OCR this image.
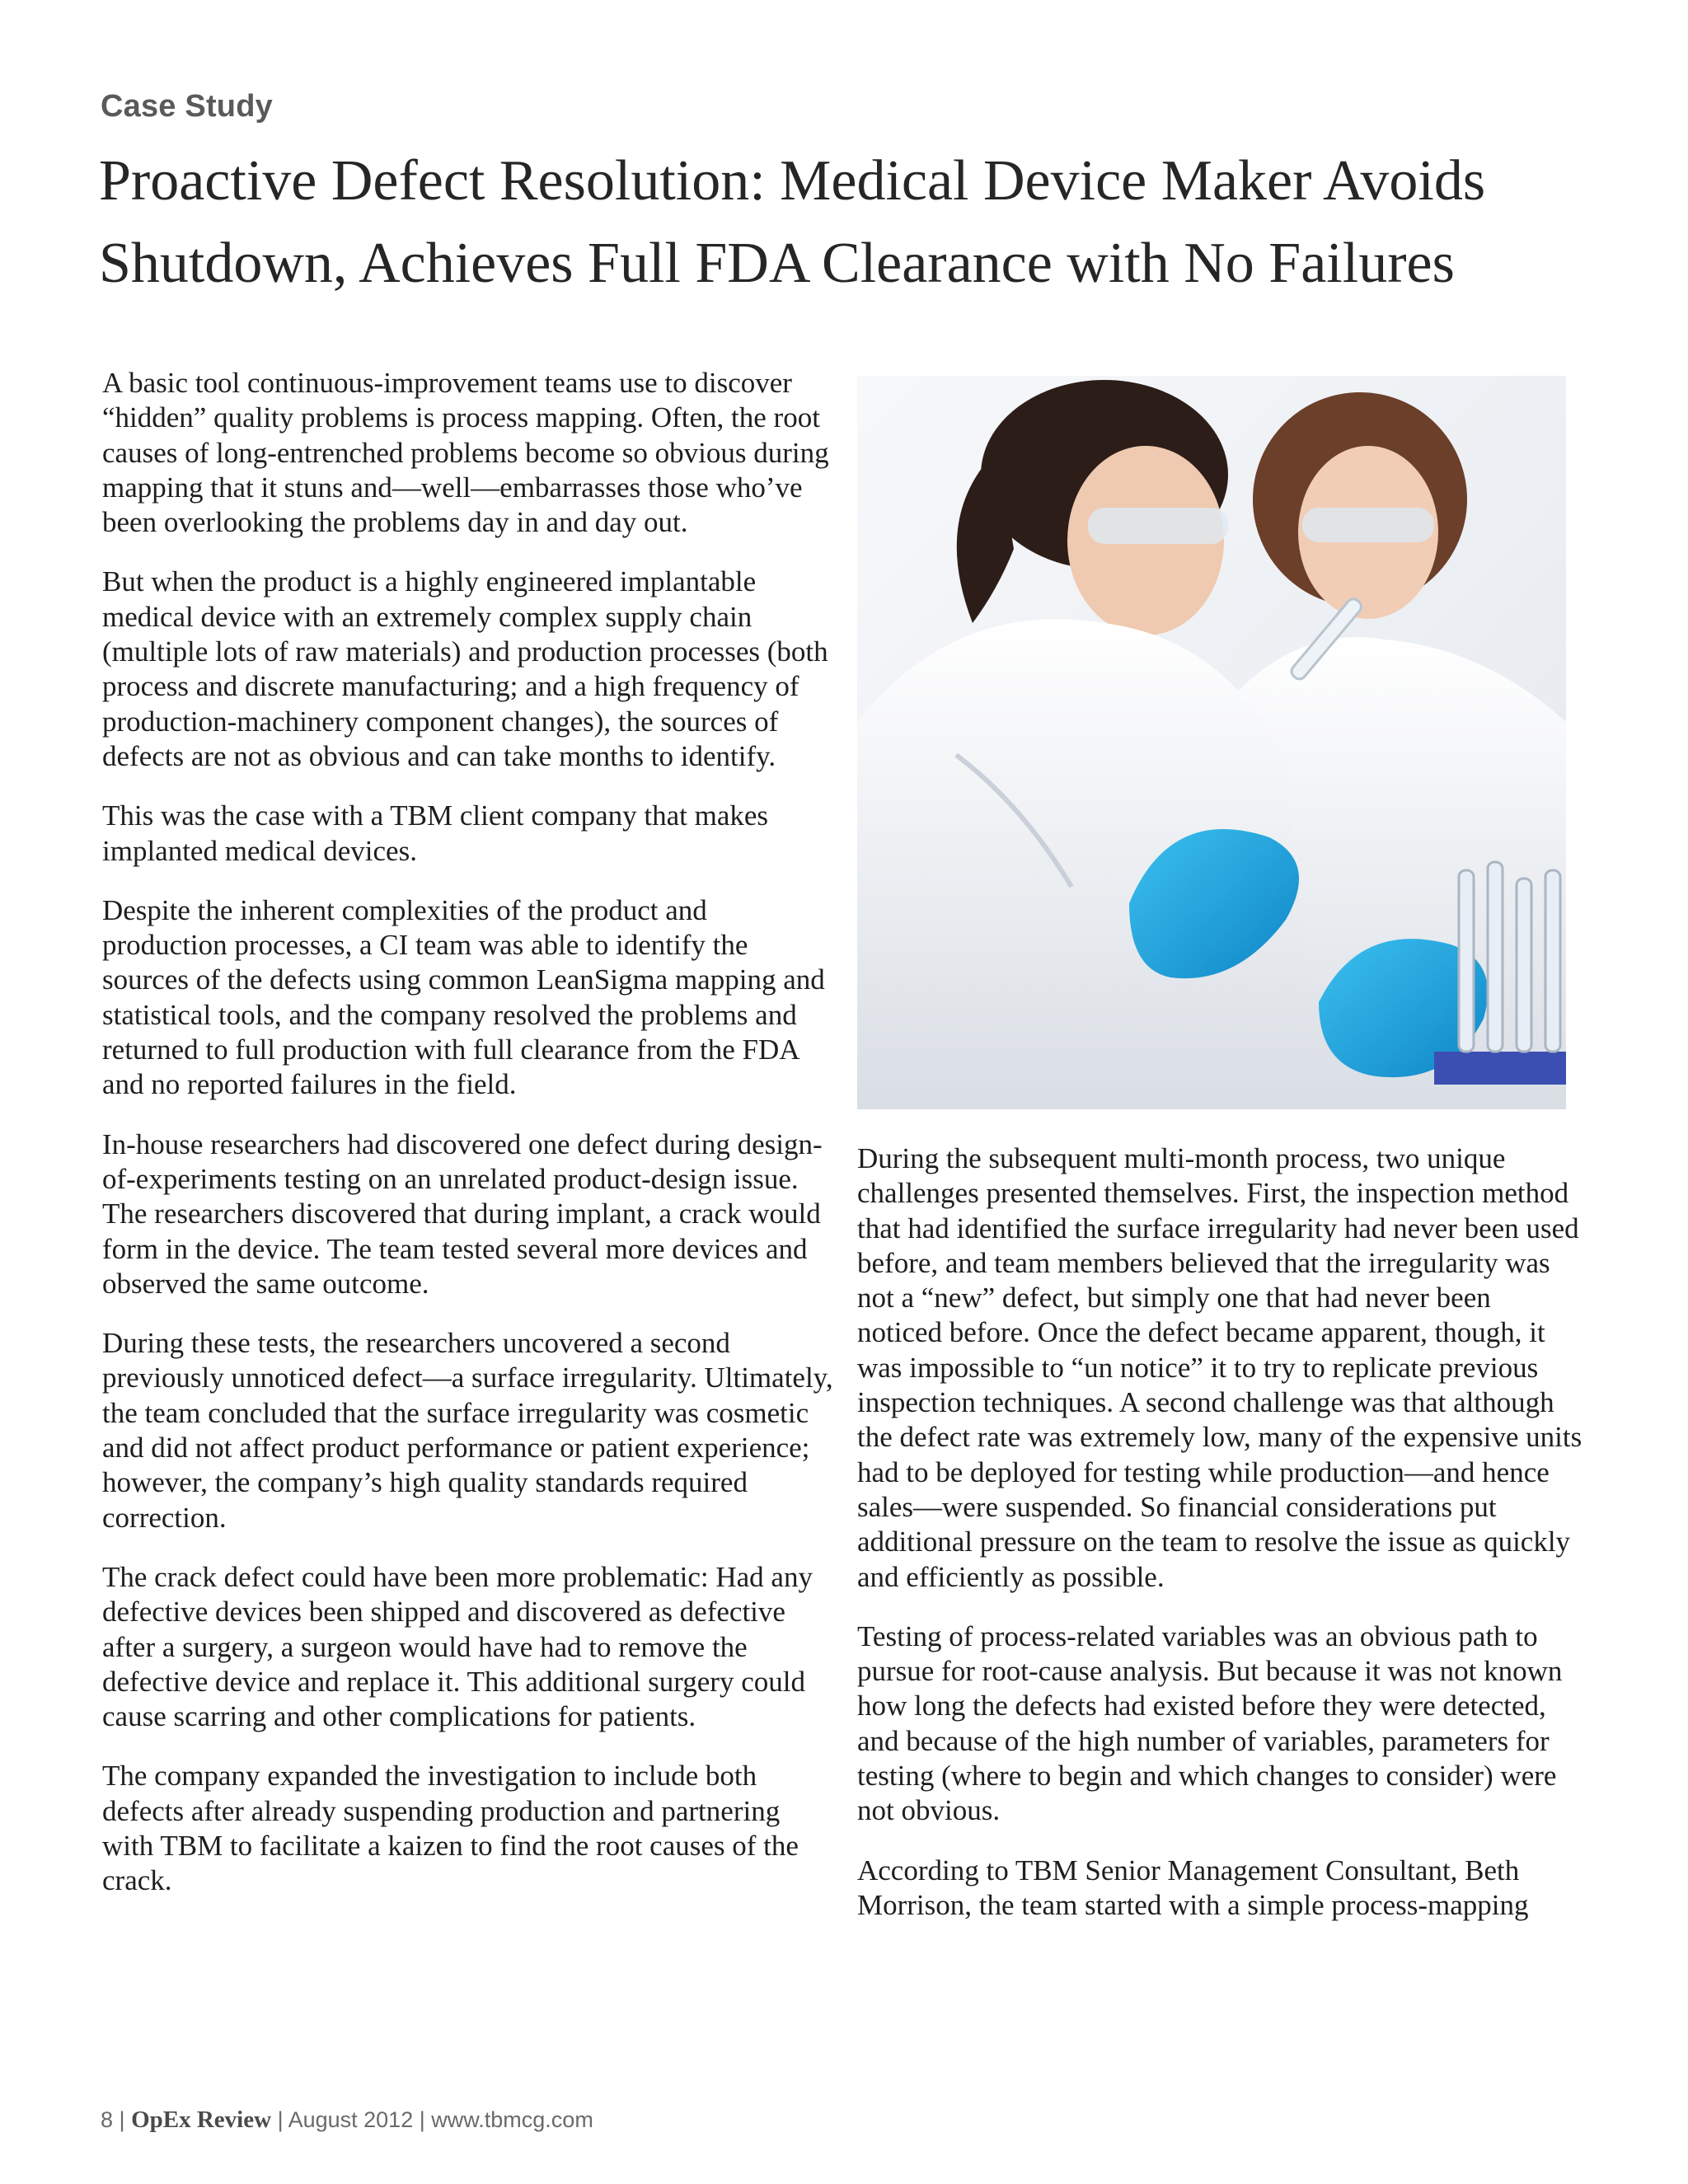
Case Study
Proactive Defect Resolution: Medical Device Maker Avoids Shutdown, Achieves Full FDA Clearance with No Failures

A basic tool continuous-improvement teams use to discover “hidden” quality problems is process mapping. Often, the root causes of long-entrenched problems become so obvious during mapping that it stuns and—well—embarrasses those who’ve been overlooking the problems day in and day out.

But when the product is a highly engineered implantable medical device with an extremely complex supply chain (multiple lots of raw materials) and production processes (both process and discrete manufacturing; and a high frequency of production-machinery component changes), the sources of defects are not as obvious and can take months to identify.

This was the case with a TBM client company that makes implanted medical devices.

Despite the inherent complexities of the product and production processes, a CI team was able to identify the sources of the defects using common LeanSigma mapping and statistical tools, and the company resolved the problems and returned to full production with full clearance from the FDA and no reported failures in the field.

In-house researchers had discovered one defect during design-of-experiments testing on an unrelated product-design issue. The researchers discovered that during implant, a crack would form in the device. The team tested several more devices and observed the same outcome.

During these tests, the researchers uncovered a second previously unnoticed defect—a surface irregularity. Ultimately, the team concluded that the surface irregularity was cosmetic and did not affect product performance or patient experience; however, the company’s high quality standards required correction.

The crack defect could have been more problematic: Had any defective devices been shipped and discovered as defective after a surgery, a surgeon would have had to remove the defective device and replace it. This additional surgery could cause scarring and other complications for patients.

The company expanded the investigation to include both defects after already suspending production and partnering with TBM to facilitate a kaizen to find the root causes of the crack.

During the subsequent multi-month process, two unique challenges presented themselves. First, the inspection method that had identified the surface irregularity had never been used before, and team members believed that the irregularity was not a “new” defect, but simply one that had never been noticed before. Once the defect became apparent, though, it was impossible to “un notice” it to try to replicate previous inspection techniques. A second challenge was that although the defect rate was extremely low, many of the expensive units had to be deployed for testing while production—and hence sales—were suspended. So financial considerations put additional pressure on the team to resolve the issue as quickly and efficiently as possible.

Testing of process-related variables was an obvious path to pursue for root-cause analysis. But because it was not known how long the defects had existed before they were detected, and because of the high number of variables, parameters for testing (where to begin and which changes to consider) were not obvious.

According to TBM Senior Management Consultant, Beth Morrison, the team started with a simple process-mapping

8 | OpEx Review | August 2012 | www.tbmcg.com
